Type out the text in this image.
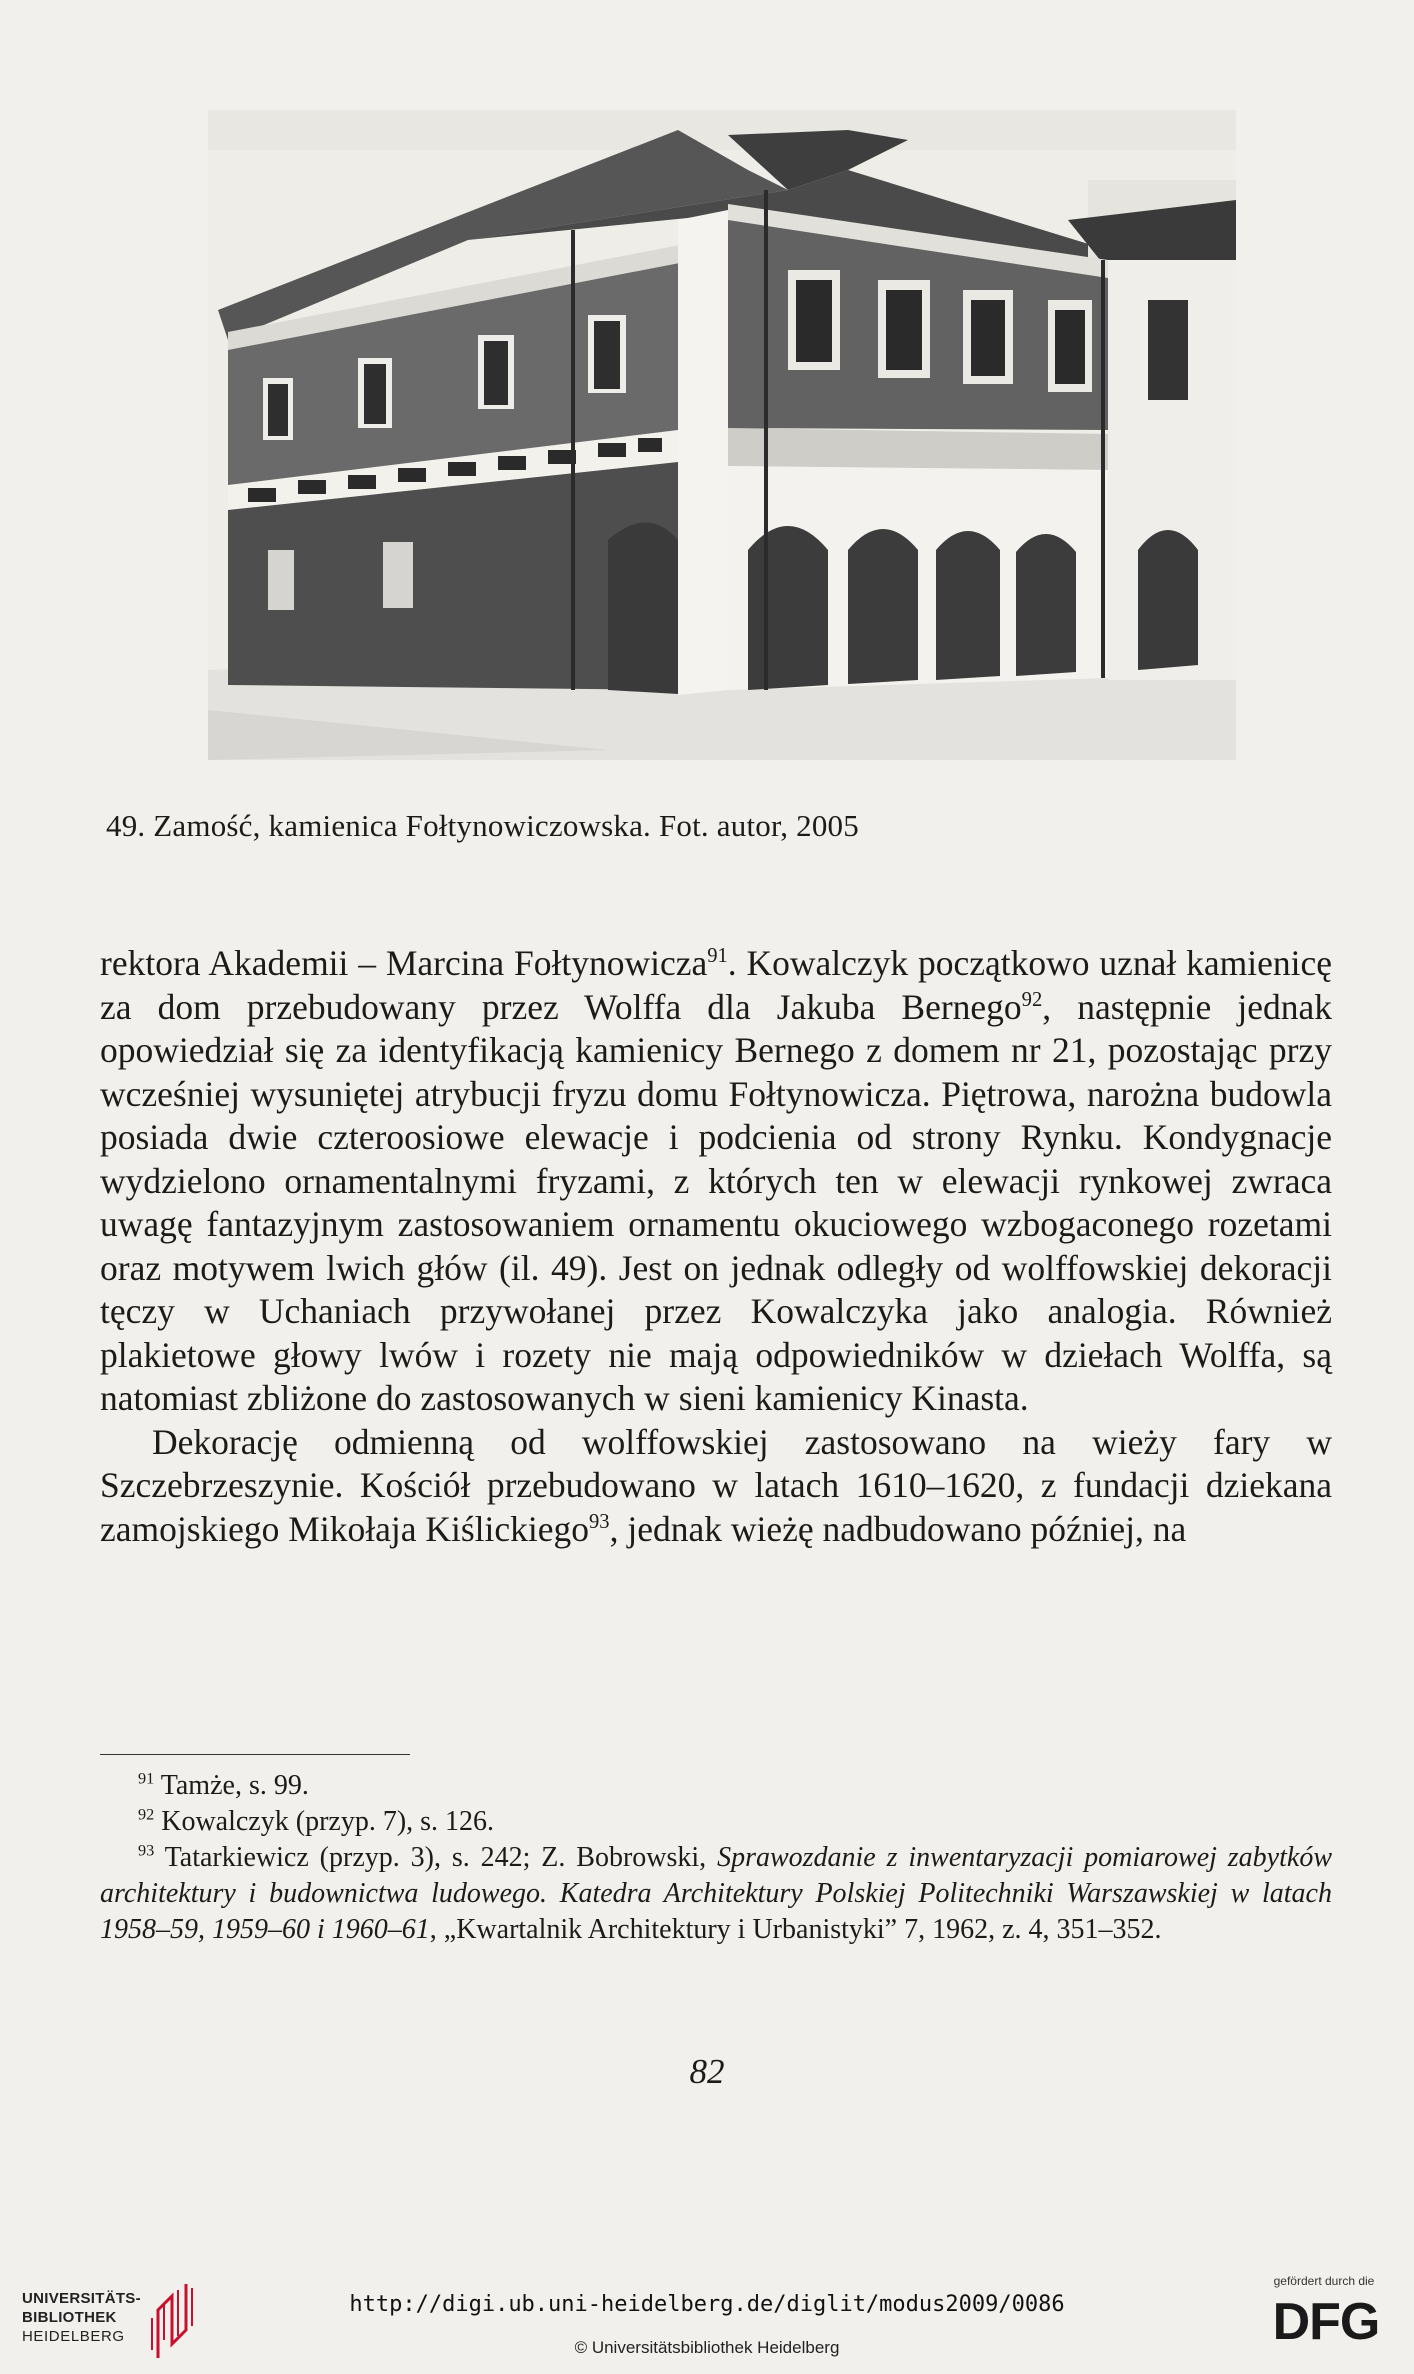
49. Zamość, kamienica Fołtynowiczowska. Fot. autor, 2005

rektora Akademii – Marcina Fołtynowicza$^{91}$. Kowalczyk początkowo uznał kamienicę za dom przebudowany przez Wolffa dla Jakuba Bernego$^{92}$, następnie jednak opowiedział się za identyfikacją kamienicy Bernego z domem nr 21, pozostając przy wcześniej wysuniętej atrybucji fryzu domu Fołtynowicza. Piętrowa, narożna budowla posiada dwie czteroosiowe elewacje i podcienia od strony Rynku. Kondygnacje wydzielono ornamentalnymi fryzami, z których ten w elewacji rynkowej zwraca uwagę fantazyjnym zastosowaniem ornamentu okuciowego wzbogaconego rozetami oraz motywem lwich głów (il. 49). Jest on jednak odległy od wolffowskiej dekoracji tęczy w Uchaniach przywołanej przez Kowalczyka jako analogia. Również plakietowe głowy lwów i rozety nie mają odpowiedników w dziełach Wolffa, są natomiast zbliżone do zastosowanych w sieni kamienicy Kinasta.

Dekorację odmienną od wolffowskiej zastosowano na wieży fary w Szczebrzeszynie. Kościół przebudowano w latach 1610–1620, z fundacji dziekana zamojskiego Mikołaja Kiślickiego$^{93}$, jednak wieżę nadbudowano później, na

$^{91}$ Tamże, s. 99.

$^{92}$ Kowalczyk (przyp. 7), s. 126.

$^{93}$ Tatarkiewicz (przyp. 3), s. 242; Z. Bobrowski, Sprawozdanie z inwentaryzacji pomiarowej zabytków architektury i budownictwa ludowego. Katedra Architektury Polskiej Politechniki Warszawskiej w latach 1958–59, 1959–60 i 1960–61, „Kwartalnik Architektury i Urbanistyki” 7, 1962, z. 4, 351–352.

82
UNIVERSITÄTS-
BIBLIOTHEK
HEIDELBERG
http://digi.ub.uni-heidelberg.de/diglit/modus2009/0086
© Universitätsbibliothek Heidelberg
gefördert durch die
DFG
